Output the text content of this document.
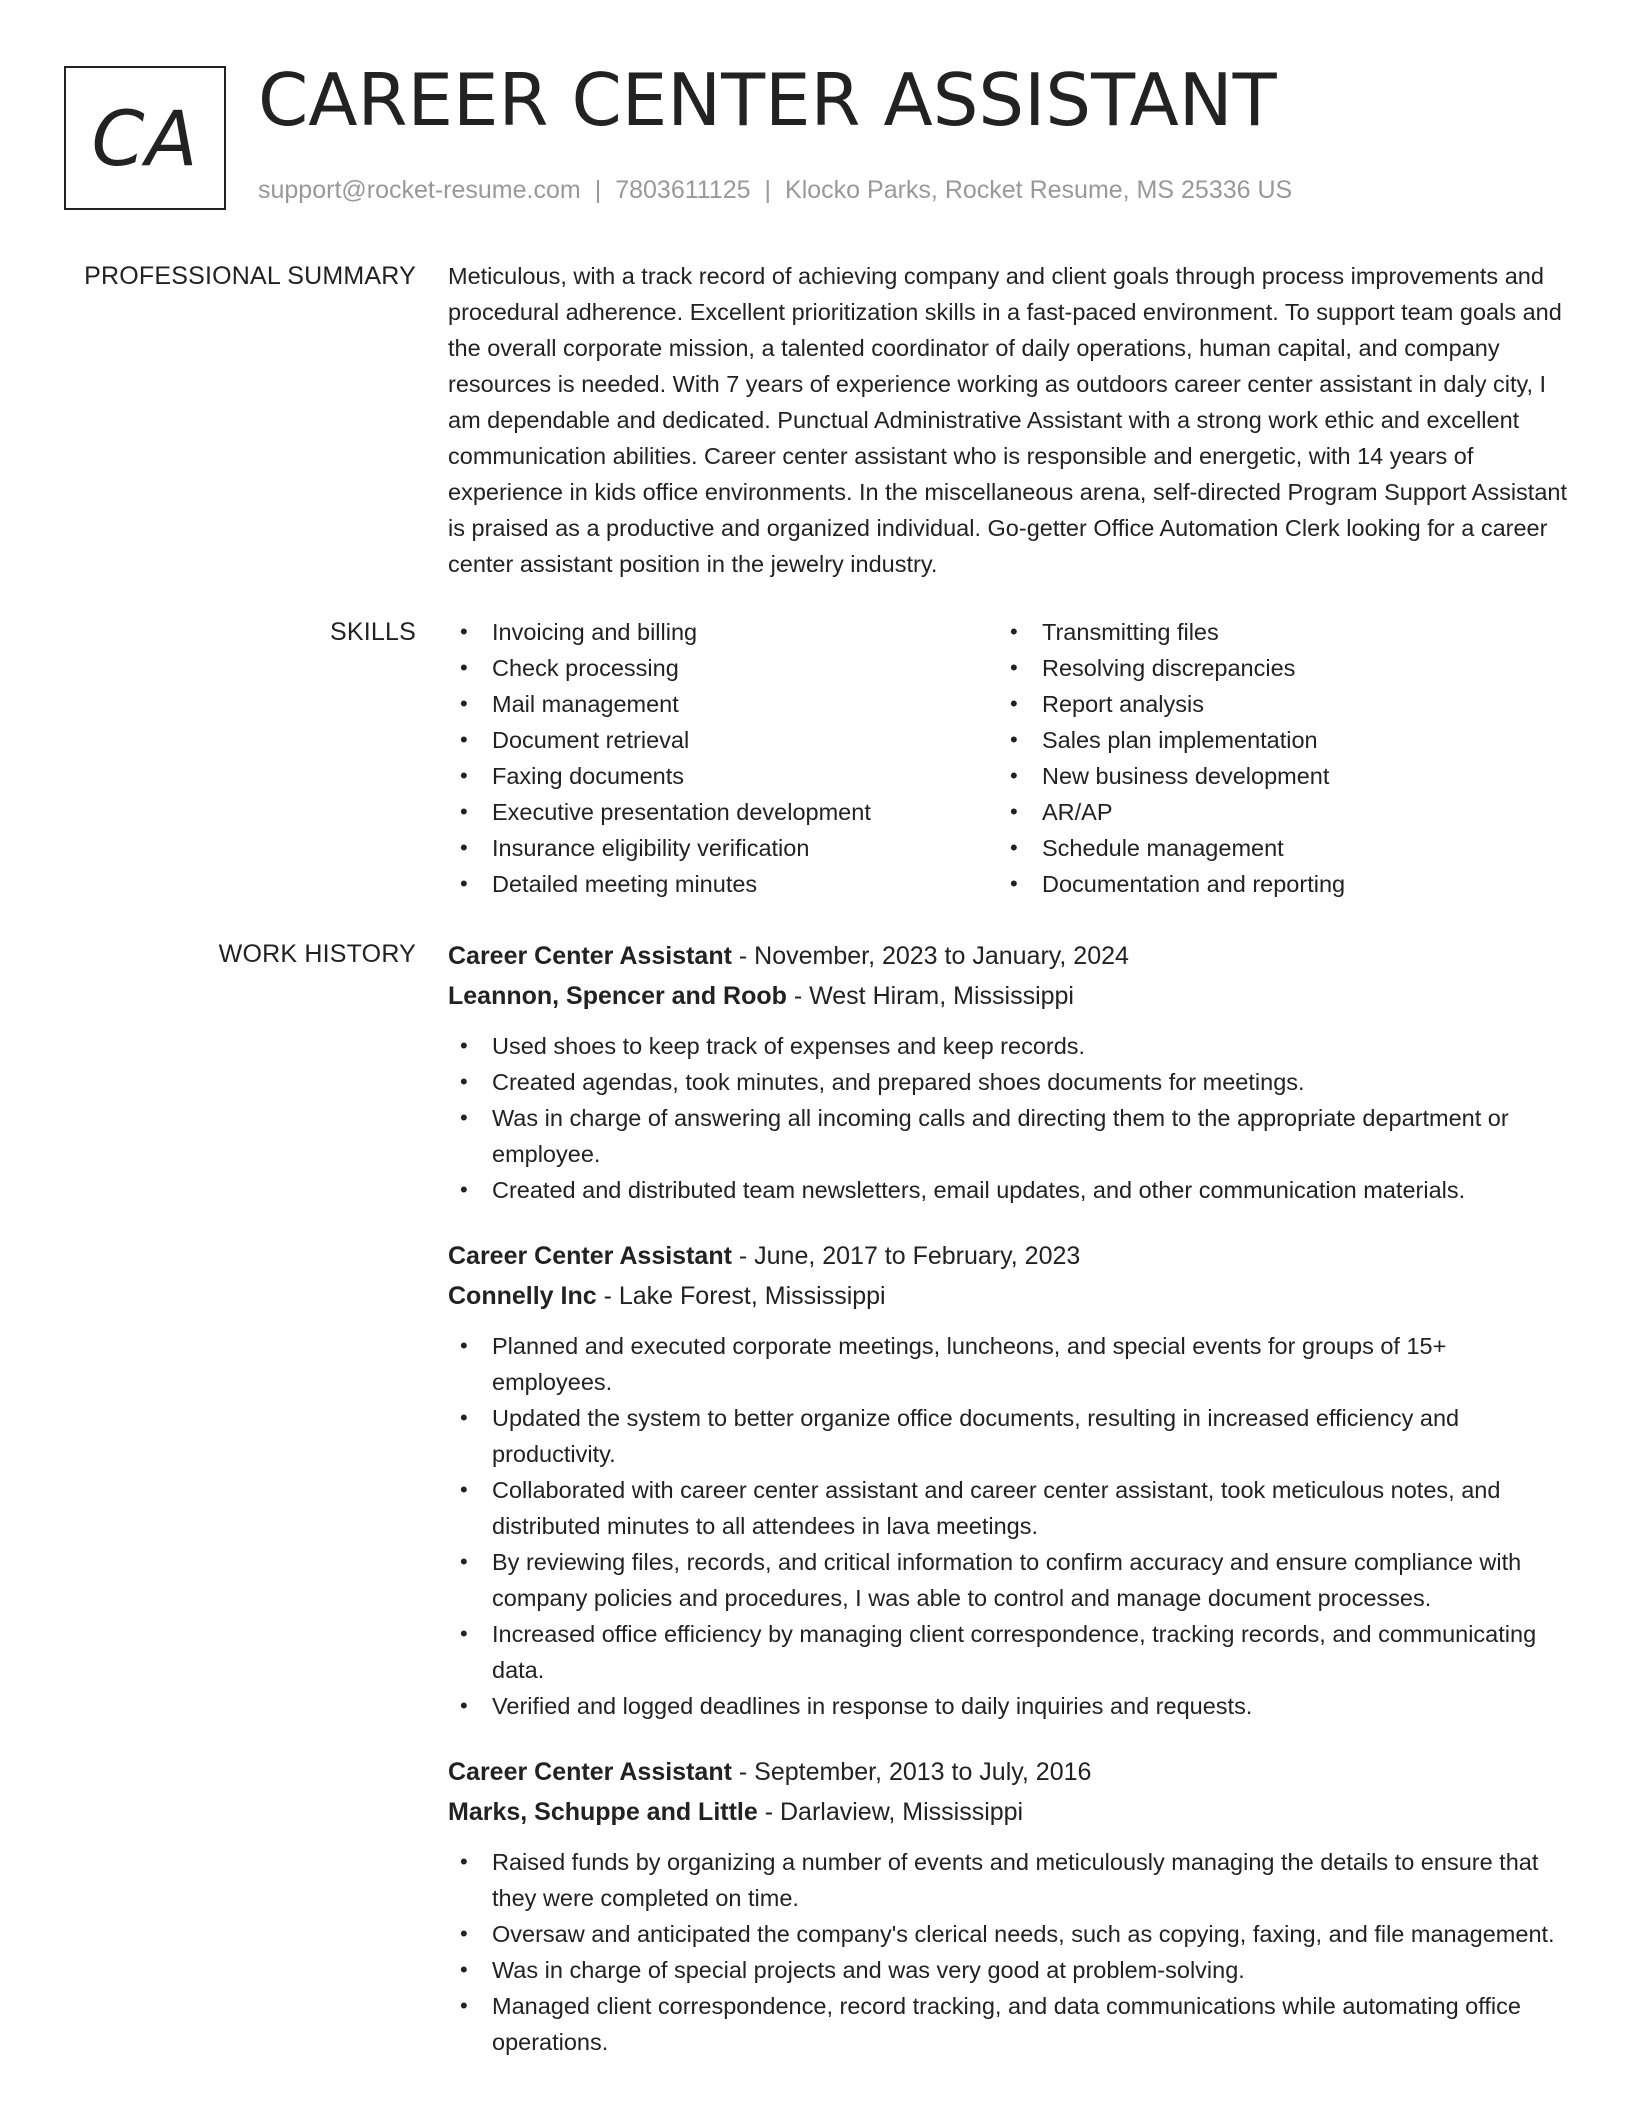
CA CAREER CENTER ASSISTANT
support@rocket-resume.com | 7803611125 | Klocko Parks, Rocket Resume, MS 25336 US
PROFESSIONAL SUMMARY Meticulous, with a track record of achieving company and client goals through process improvements and procedural adherence. Excellent prioritization skills in a fast-paced environment. To support team goals and the overall corporate mission, a talented coordinator of daily operations, human capital, and company resources is needed. With 7 years of experience working as outdoors career center assistant in daly city, I am dependable and dedicated. Punctual Administrative Assistant with a strong work ethic and excellent communication abilities. Career center assistant who is responsible and energetic, with 14 years of experience in kids office environments. In the miscellaneous arena, self-directed Program Support Assistant is praised as a productive and organized individual. Go-getter Office Automation Clerk looking for a career center assistant position in the jewelry industry.

SKILLS
•	Invoicing and billing
• Check processing
• Mail management
• Document retrieval
• Faxing documents
• Executive presentation development
• Insurance eligibility verification
• Detailed meeting minutes
• Transmitting files
• Resolving discrepancies
• Report analysis
• Sales plan implementation
• New business development
• AR/AP
• Schedule management
• Documentation and reporting
WORK HISTORY Career Center Assistant - November, 2023 to January, 2024
Leannon, Spencer and Roob - West Hiram, Mississippi
• Used shoes to keep track of expenses and keep records.
• Created agendas, took minutes, and prepared shoes documents for meetings.
• Was in charge of answering all incoming calls and directing them to the appropriate department or employee.
• Created and distributed team newsletters, email updates, and other communication materials.
Career Center Assistant - June, 2017 to February, 2023
Connelly Inc - Lake Forest, Mississippi
• Planned and executed corporate meetings, luncheons, and special events for groups of 15+ employees.
• Updated the system to better organize office documents, resulting in increased efficiency and productivity.
• Collaborated with career center assistant and career center assistant, took meticulous notes, and distributed minutes to all attendees in lava meetings.
• By reviewing files, records, and critical information to confirm accuracy and ensure compliance with company policies and procedures, I was able to control and manage document processes.
• Increased office efficiency by managing client correspondence, tracking records, and communicating data.
• Verified and logged deadlines in response to daily inquiries and requests.
Career Center Assistant - September, 2013 to July, 2016
Marks, Schuppe and Little - Darlaview, Mississippi
• Raised funds by organizing a number of events and meticulously managing the details to ensure that they were completed on time.
• Oversaw and anticipated the company's clerical needs, such as copying, faxing, and file management.
• Was in charge of special projects and was very good at problem-solving.
• Managed client correspondence, record tracking, and data communications while automating office operations.
